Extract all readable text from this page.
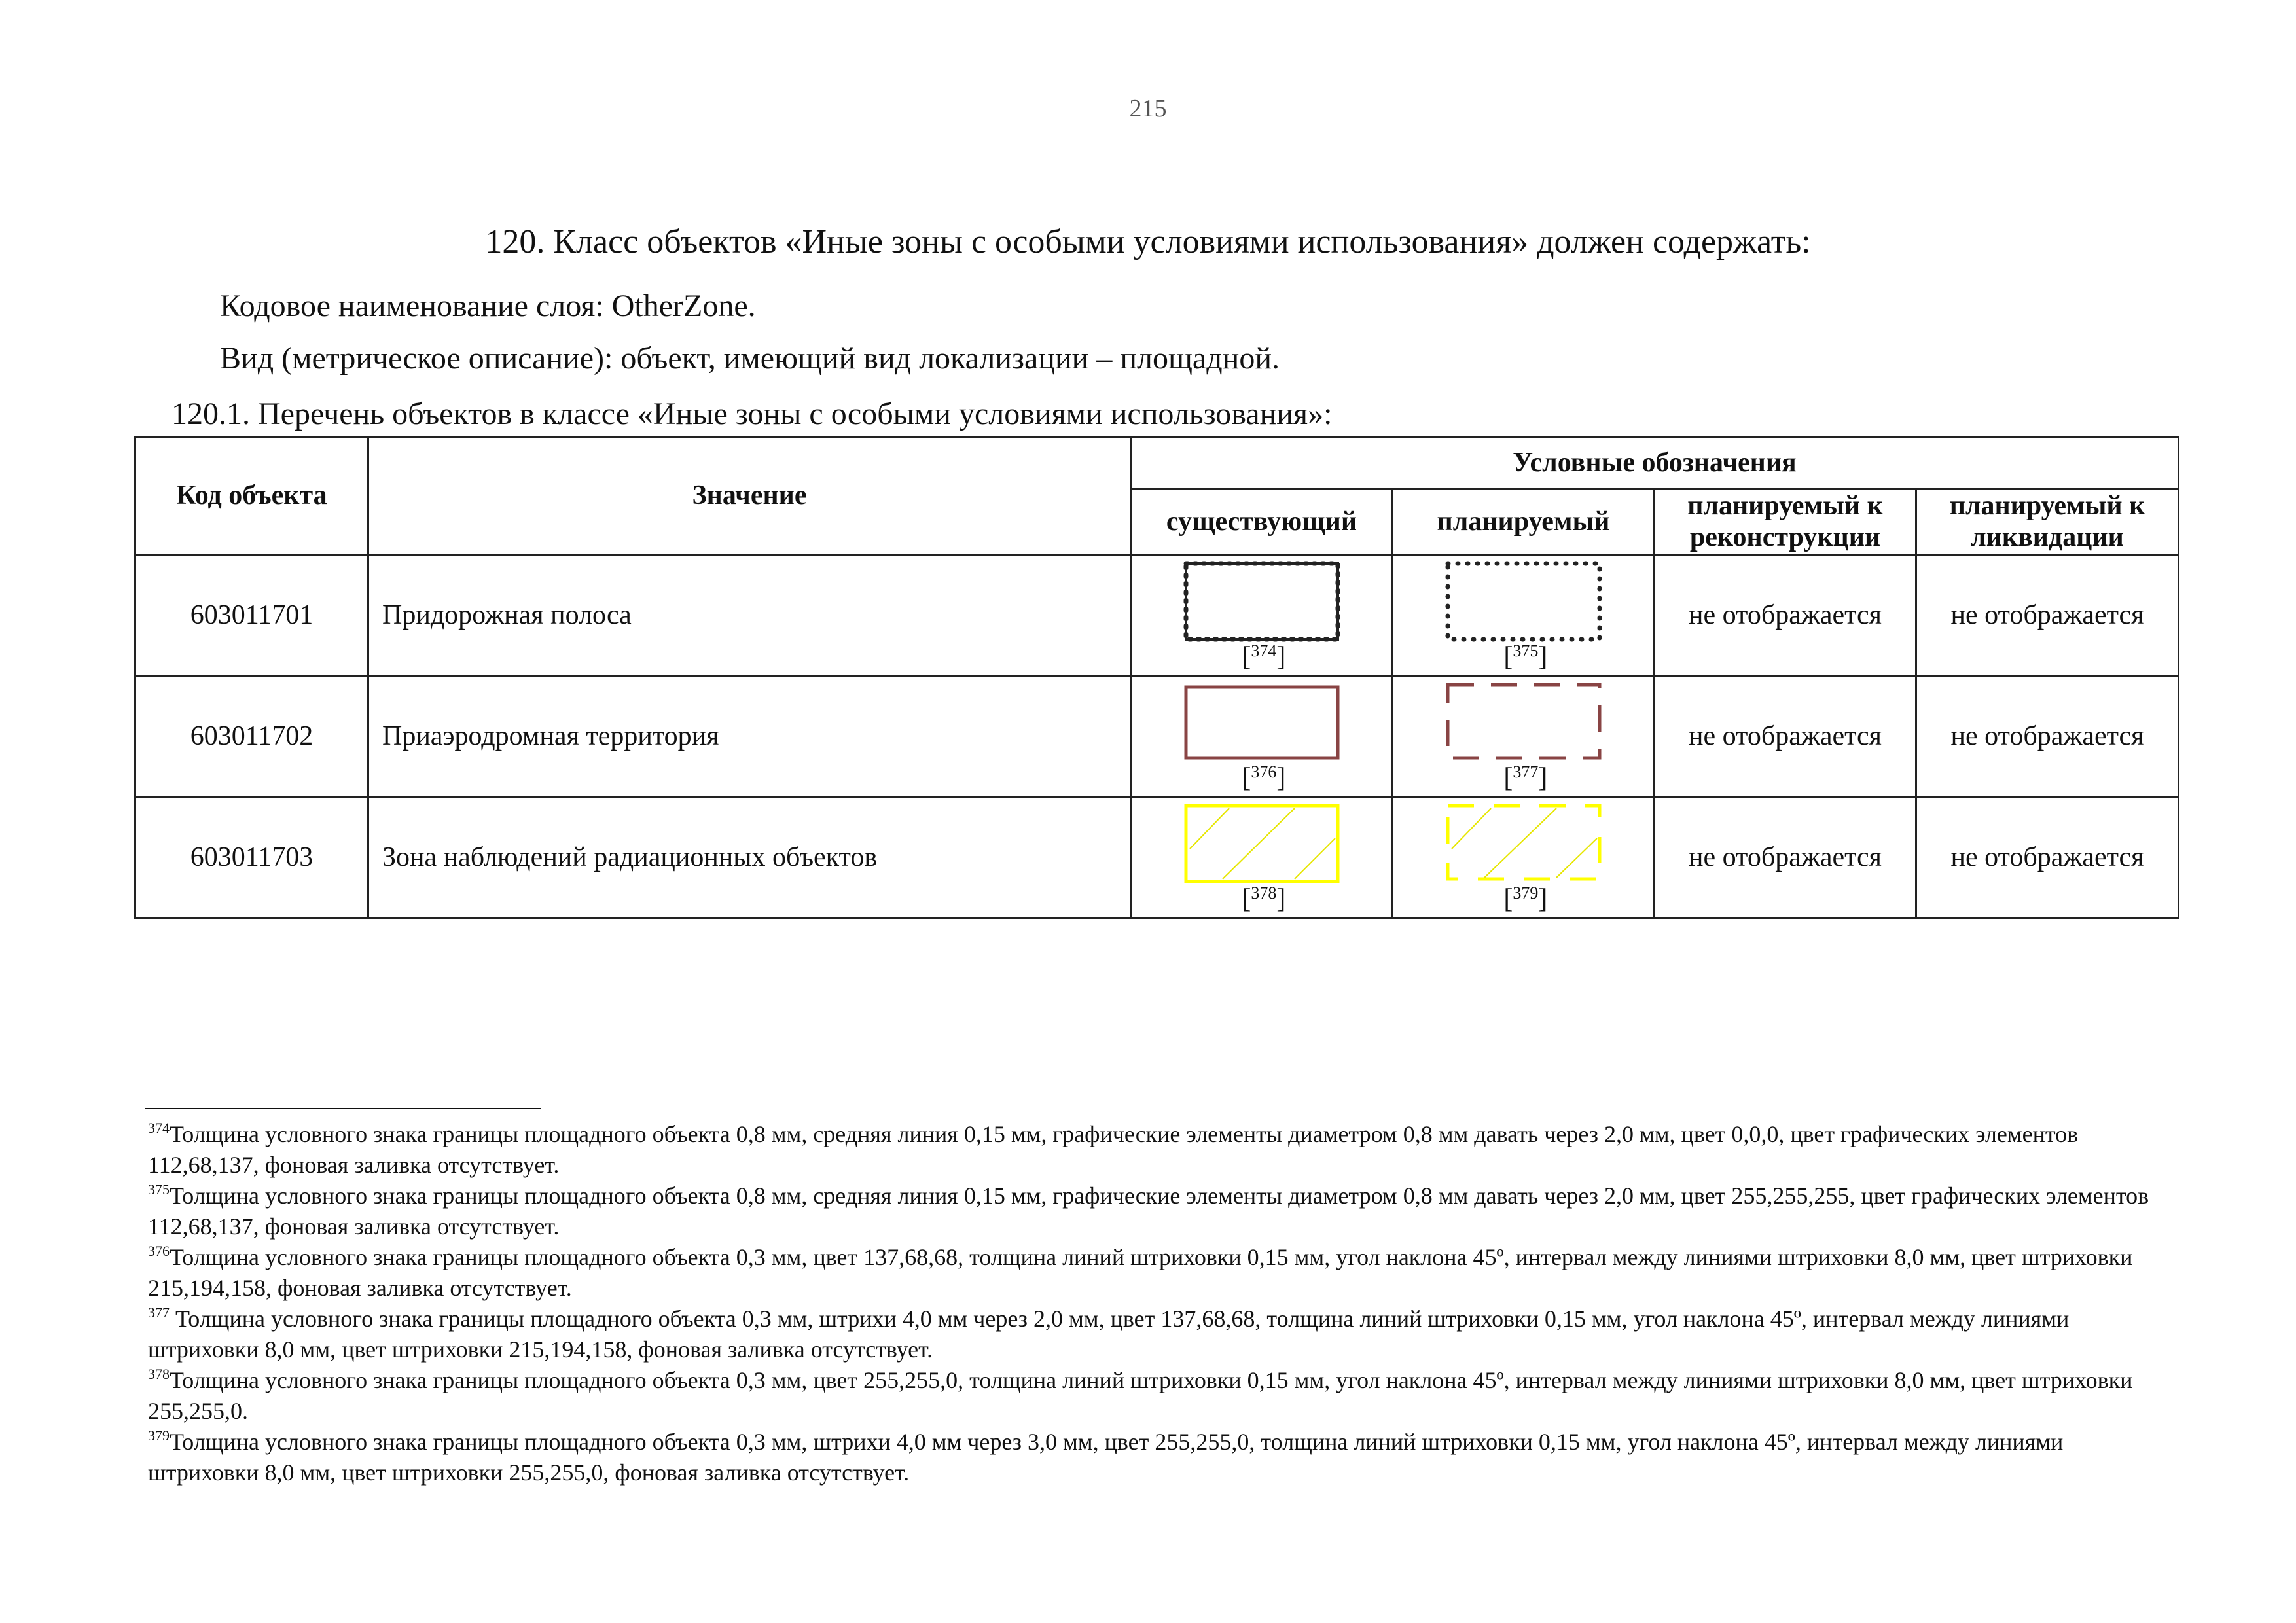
215
120. Класс объектов «Иные зоны с особыми условиями использования» должен содержать:
Кодовое наименование слоя: OtherZone.
Вид (метрическое описание): объект, имеющий вид локализации – площадной.
120.1. Перечень объектов в классе «Иные зоны с особыми условиями использования»:
Код объекта	Значение	Условные обозначения			
		существующий	планируемый	планируемый к реконструкции	планируемый к ликвидации
603011701	Придорожная полоса	[$^{374}$]	[$^{375}$]	не отображается	не отображается
603011702	Приаэродромная территория	[$^{376}$]	[$^{377}$]	не отображается	не отображается
603011703	Зона наблюдений радиационных объектов	[$^{378}$]	[$^{379}$]	не отображается	не отображается

$^{374}$Толщина условного знака границы площадного объекта 0,8 мм, средняя линия 0,15 мм, графические элементы диаметром 0,8 мм давать через 2,0 мм, цвет 0,0,0, цвет графических элементов 112,68,137, фоновая заливка отсутствует.

$^{375}$Толщина условного знака границы площадного объекта 0,8 мм, средняя линия 0,15 мм, графические элементы диаметром 0,8 мм давать через 2,0 мм, цвет 255,255,255, цвет графических элементов 112,68,137, фоновая заливка отсутствует.

$^{376}$Толщина условного знака границы площадного объекта 0,3 мм, цвет 137,68,68, толщина линий штриховки 0,15 мм, угол наклона 45º, интервал между линиями штриховки 8,0 мм, цвет штриховки 215,194,158, фоновая заливка отсутствует.

$^{377}$ Толщина условного знака границы площадного объекта 0,3 мм, штрихи 4,0 мм через 2,0 мм, цвет 137,68,68, толщина линий штриховки 0,15 мм, угол наклона 45º, интервал между линиями штриховки 8,0 мм, цвет штриховки 215,194,158, фоновая заливка отсутствует.

$^{378}$Толщина условного знака границы площадного объекта 0,3 мм, цвет 255,255,0, толщина линий штриховки 0,15 мм, угол наклона 45º, интервал между линиями штриховки 8,0 мм, цвет штриховки 255,255,0.

$^{379}$Толщина условного знака границы площадного объекта 0,3 мм, штрихи 4,0 мм через 3,0 мм, цвет 255,255,0, толщина линий штриховки 0,15 мм, угол наклона 45º, интервал между линиями штриховки 8,0 мм, цвет штриховки 255,255,0, фоновая заливка отсутствует.
